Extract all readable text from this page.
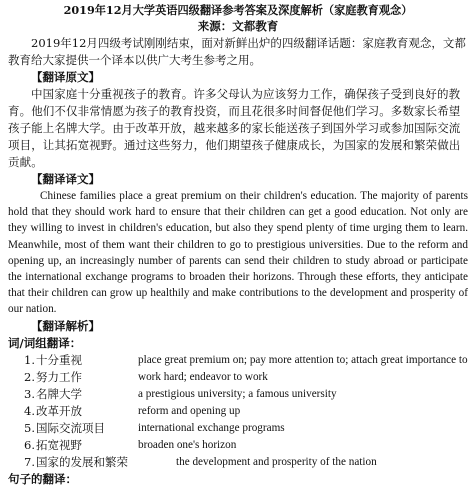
2019年12月大学英语四级翻译参考答案及深度解析（家庭教育观念）

来源：文都教育

2019年12月四级考试刚刚结束，面对新鲜出炉的四级翻译话题：家庭教育观念，文都教育给大家提供一个译本以供广大考生参考之用。

【翻译原文】

中国家庭十分重视孩子的教育。许多父母认为应该努力工作，确保孩子受到良好的教育。他们不仅非常情愿为孩子的教育投资，而且花很多时间督促他们学习。多数家长希望孩子能上名牌大学。由于改革开放，越来越多的家长能送孩子到国外学习或参加国际交流项目，让其拓宽视野。通过这些努力，他们期望孩子健康成长，为国家的发展和繁荣做出贡献。

【翻译译文】

Chinese families place a great premium on their children's education. The majority of parents hold that they should work hard to ensure that their children can get a good education. Not only are they willing to invest in children's education, but also they spend plenty of time urging them to learn. Meanwhile, most of them want their children to go to prestigious universities. Due to the reform and opening up, an increasingly number of parents can send their children to study abroad or participate the international exchange programs to broaden their horizons. Through these efforts, they anticipate that their children can grow up healthily and make contributions to the development and prosperity of our nation.

【翻译解析】

词/词组翻译：

1. 十分重视	place great premium on; pay more attention to; attach great importance to
2. 努力工作	work hard; endeavor to work
3. 名牌大学	a prestigious university; a famous university
4. 改革开放	reform and opening up
5. 国际交流项目	international exchange programs
6. 拓宽视野	broaden one's horizon
7. 国家的发展和繁荣	the development and prosperity of the nation

句子的翻译：
